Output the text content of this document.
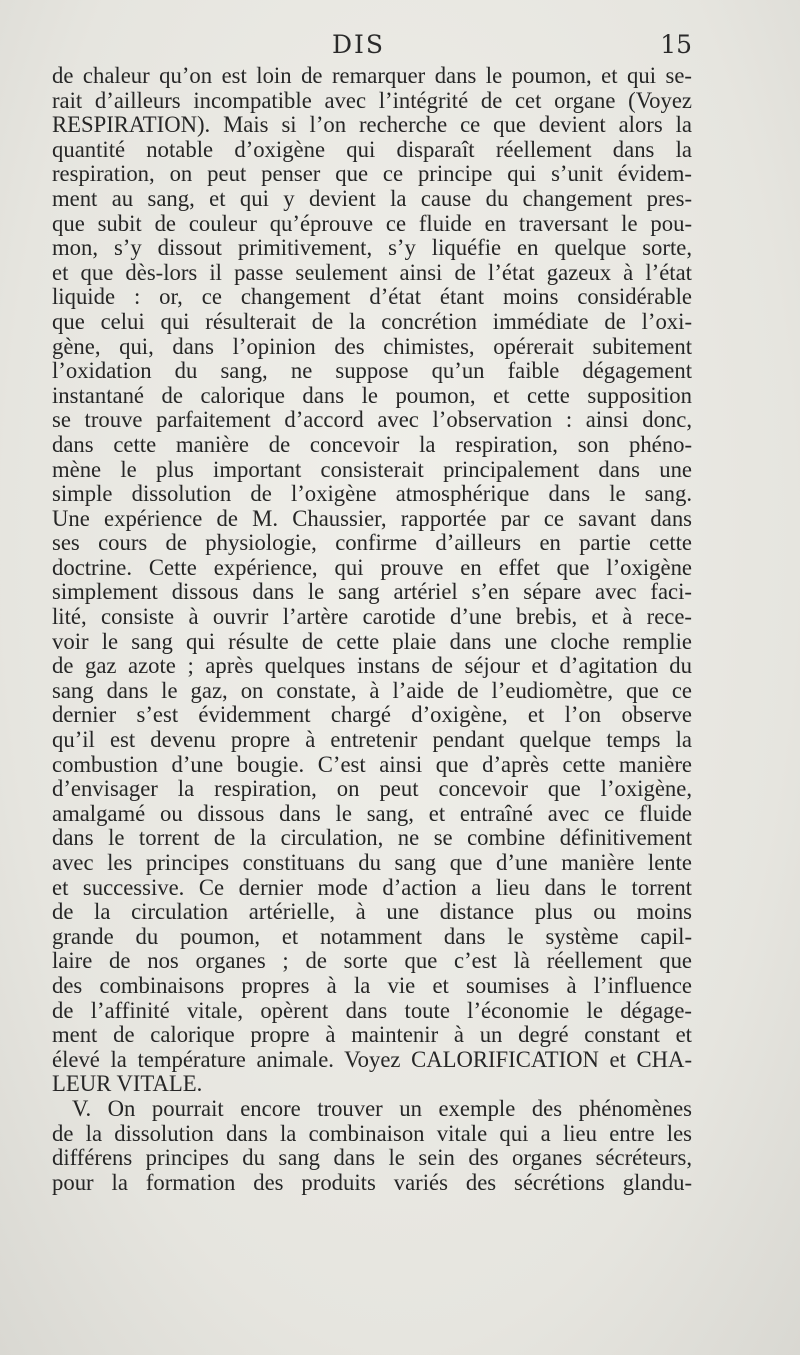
DIS	15
de chaleur qu’on est loin de remarquer dans le poumon, et qui se-
rait d’ailleurs incompatible avec l’intégrité de cet organe (Voyez
RESPIRATION). Mais si l’on recherche ce que devient alors la
quantité notable d’oxigène qui disparaît réellement dans la
respiration, on peut penser que ce principe qui s’unit évidem-
ment au sang, et qui y devient la cause du changement pres-
que subit de couleur qu’éprouve ce fluide en traversant le pou-
mon, s’y dissout primitivement, s’y liquéfie en quelque sorte,
et que dès-lors il passe seulement ainsi de l’état gazeux à l’état
liquide : or, ce changement d’état étant moins considérable
que celui qui résulterait de la concrétion immédiate de l’oxi-
gène, qui, dans l’opinion des chimistes, opérerait subitement
l’oxidation du sang, ne suppose qu’un faible dégagement
instantané de calorique dans le poumon, et cette supposition
se trouve parfaitement d’accord avec l’observation : ainsi donc,
dans cette manière de concevoir la respiration, son phéno-
mène le plus important consisterait principalement dans une
simple dissolution de l’oxigène atmosphérique dans le sang.
Une expérience de M. Chaussier, rapportée par ce savant dans
ses cours de physiologie, confirme d’ailleurs en partie cette
doctrine. Cette expérience, qui prouve en effet que l’oxigène
simplement dissous dans le sang artériel s’en sépare avec faci-
lité, consiste à ouvrir l’artère carotide d’une brebis, et à rece-
voir le sang qui résulte de cette plaie dans une cloche remplie
de gaz azote ; après quelques instans de séjour et d’agitation du
sang dans le gaz, on constate, à l’aide de l’eudiomètre, que ce
dernier s’est évidemment chargé d’oxigène, et l’on observe
qu’il est devenu propre à entretenir pendant quelque temps la
combustion d’une bougie. C’est ainsi que d’après cette manière
d’envisager la respiration, on peut concevoir que l’oxigène,
amalgamé ou dissous dans le sang, et entraîné avec ce fluide
dans le torrent de la circulation, ne se combine définitivement
avec les principes constituans du sang que d’une manière lente
et successive. Ce dernier mode d’action a lieu dans le torrent
de la circulation artérielle, à une distance plus ou moins
grande du poumon, et notamment dans le système capil-
laire de nos organes ; de sorte que c’est là réellement que
des combinaisons propres à la vie et soumises à l’influence
de l’affinité vitale, opèrent dans toute l’économie le dégage-
ment de calorique propre à maintenir à un degré constant et
élevé la température animale. Voyez CALORIFICATION et CHA-
LEUR VITALE.
V. On pourrait encore trouver un exemple des phénomènes
de la dissolution dans la combinaison vitale qui a lieu entre les
différens principes du sang dans le sein des organes sécréteurs,
pour la formation des produits variés des sécrétions glandu-
